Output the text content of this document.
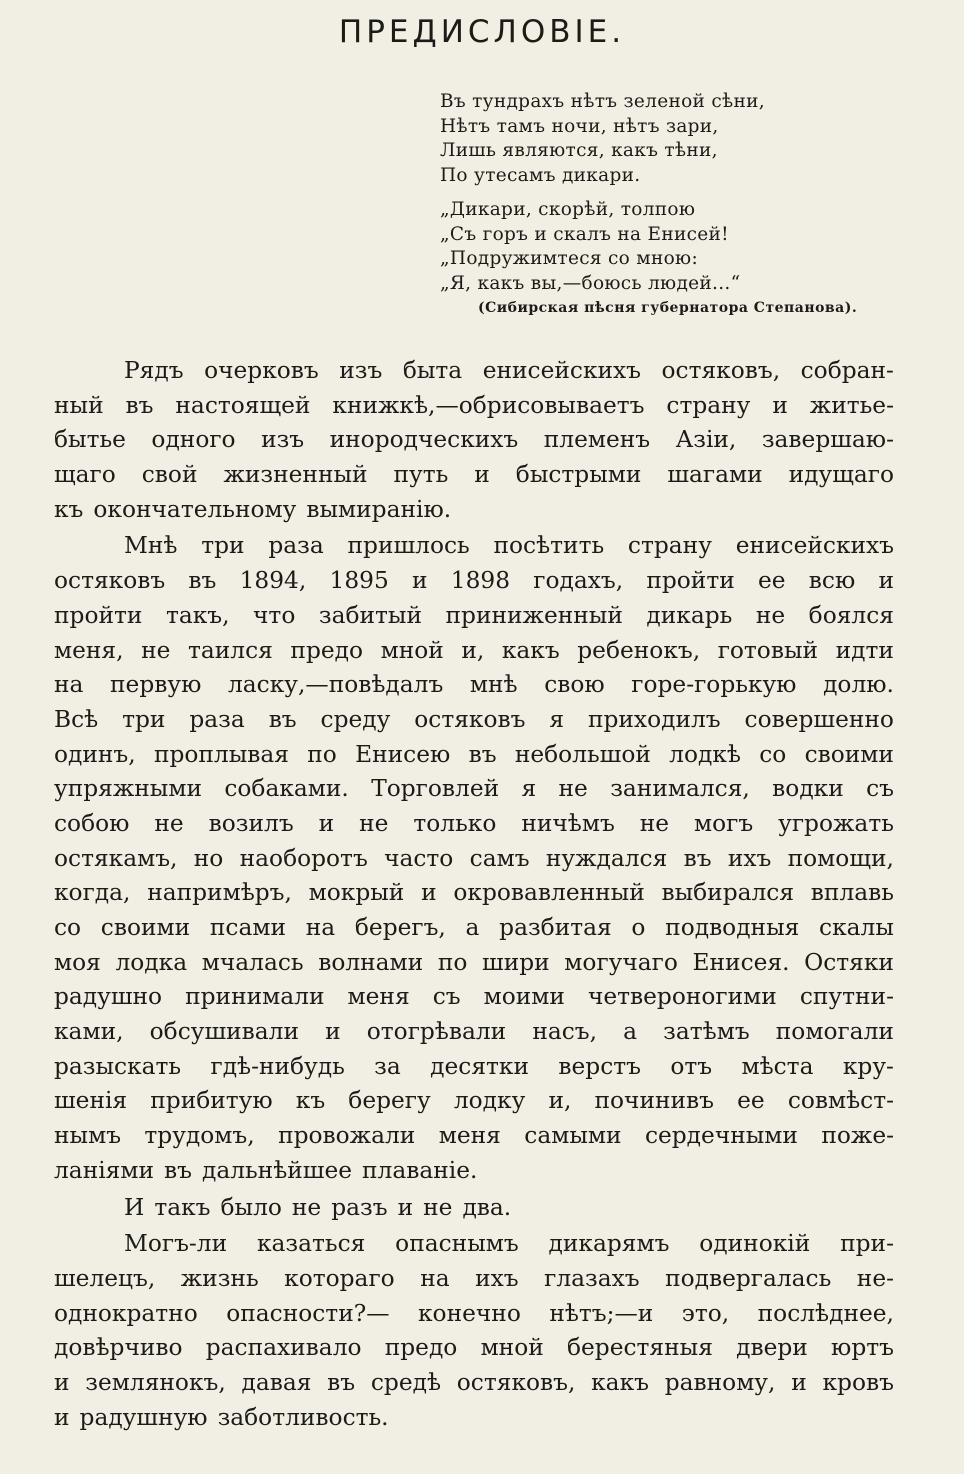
ПРЕДИСЛОВІЕ.
Въ тундрахъ нѣтъ зеленой сѣни,
Нѣтъ тамъ ночи, нѣтъ зари,
Лишь являются, какъ тѣни,
По утесамъ дикари.
„Дикари, скорѣй, толпою
„Съ горъ и скалъ на Енисей!
„Подружимтеся со мною:
„Я, какъ вы,—боюсь людей...“
(Сибирская пѣсня губернатора Степанова).
Рядъ очерковъ изъ быта енисейскихъ остяковъ, собран-
ный въ настоящей книжкѣ,—обрисовываетъ страну и житье-
бытье одного изъ инородческихъ племенъ Азіи, завершаю-
щаго свой жизненный путь и быстрыми шагами идущаго
къ окончательному вымиранію.
Мнѣ три раза пришлось посѣтить страну енисейскихъ
остяковъ въ 1894, 1895 и 1898 годахъ, пройти ее всю и
пройти такъ, что забитый приниженный дикарь не боялся
меня, не таился предо мной и, какъ ребенокъ, готовый идти
на первую ласку,—повѣдалъ мнѣ свою горе-горькую долю.
Всѣ три раза въ среду остяковъ я приходилъ совершенно
одинъ, проплывая по Енисею въ небольшой лодкѣ со своими
упряжными собаками. Торговлей я не занимался, водки съ
собою не возилъ и не только ничѣмъ не могъ угрожать
остякамъ, но наоборотъ часто самъ нуждался въ ихъ помощи,
когда, напримѣръ, мокрый и окровавленный выбирался вплавь
со своими псами на берегъ, а разбитая о подводныя скалы
моя лодка мчалась волнами по шири могучаго Енисея. Остяки
радушно принимали меня съ моими четвероногими спутни-
ками, обсушивали и отогрѣвали насъ, а затѣмъ помогали
разыскать гдѣ-нибудь за десятки верстъ отъ мѣста кру-
шенія прибитую къ берегу лодку и, починивъ ее совмѣст-
нымъ трудомъ, провожали меня самыми сердечными поже-
ланіями въ дальнѣйшее плаваніе.
И такъ было не разъ и не два.
Могъ-ли казаться опаснымъ дикарямъ одинокій при-
шелецъ, жизнь котораго на ихъ глазахъ подвергалась не-
однократно опасности?— конечно нѣтъ;—и это, послѣднее,
довѣрчиво распахивало предо мной берестяныя двери юртъ
и землянокъ, давая въ средѣ остяковъ, какъ равному, и кровъ
и радушную заботливость.
